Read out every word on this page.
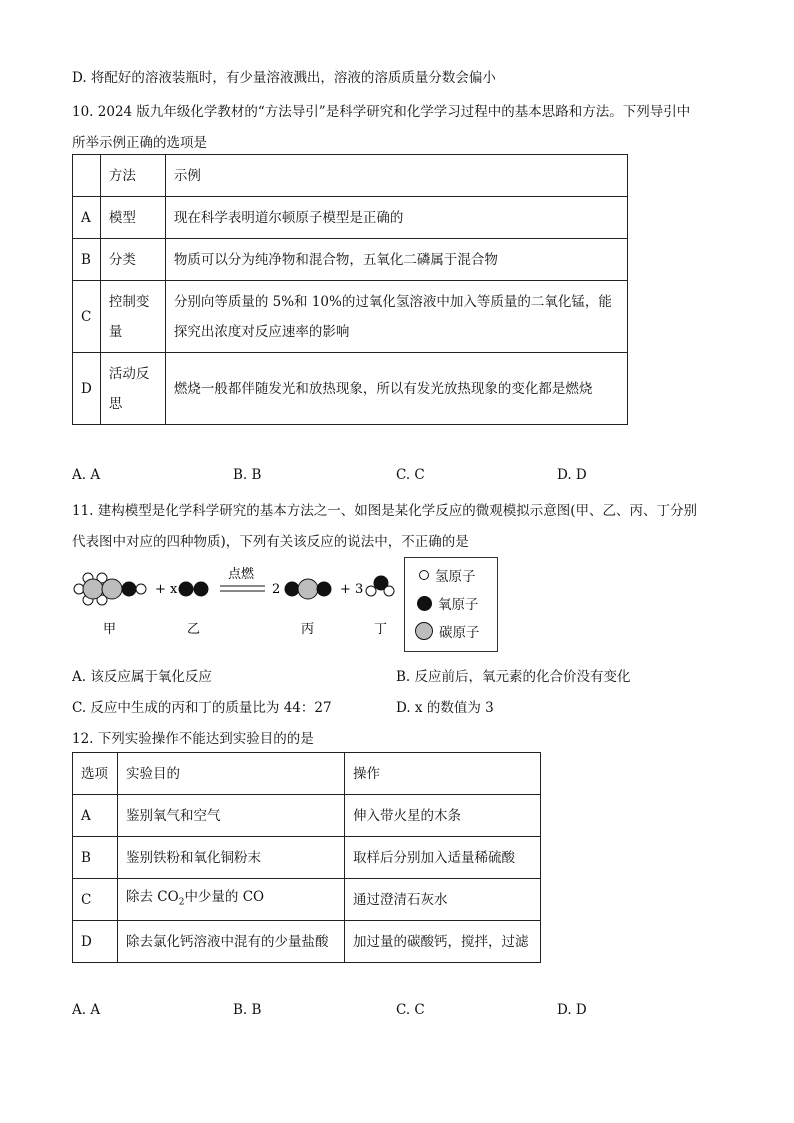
D. 将配好的溶液装瓶时，有少量溶液溅出，溶液的溶质质量分数会偏小
10. 2024 版九年级化学教材的“方法导引”是科学研究和化学学习过程中的基本思路和方法。下列导引中
所举示例正确的选项是
	方法	示例
A	模型	现在科学表明道尔顿原子模型是正确的
B	分类	物质可以分为纯净物和混合物，五氧化二磷属于混合物
C	控制变量	分别向等质量的 5%和 10%的过氧化氢溶液中加入等质量的二氧化锰，能探究出浓度对反应速率的影响
D	活动反思	燃烧一般都伴随发光和放热现象，所以有发光放热现象的变化都是燃烧
A. A	B. B	C. C	D. D
11. 建构模型是化学科学研究的基本方法之一、如图是某化学反应的微观模拟示意图(甲、乙、丙、丁分别
代表图中对应的四种物质)，下列有关该反应的说法中，不正确的是
+ x
点燃
2	+ 3
甲	乙	丙	丁
氢原子
氧原子
碳原子
A. 该反应属于氧化反应	B. 反应前后，氧元素的化合价没有变化
C. 反应中生成的丙和丁的质量比为 44：27	D. x 的数值为 3
12. 下列实验操作不能达到实验目的的是
选项	实验目的	操作
A	鉴别氧气和空气	伸入带火星的木条
B	鉴别铁粉和氧化铜粉末	取样后分别加入适量稀硫酸
C	除去 $CO_2$中少量的 CO	通过澄清石灰水
D	除去氯化钙溶液中混有的少量盐酸	加过量的碳酸钙，搅拌，过滤
A. A	B. B	C. C	D. D
